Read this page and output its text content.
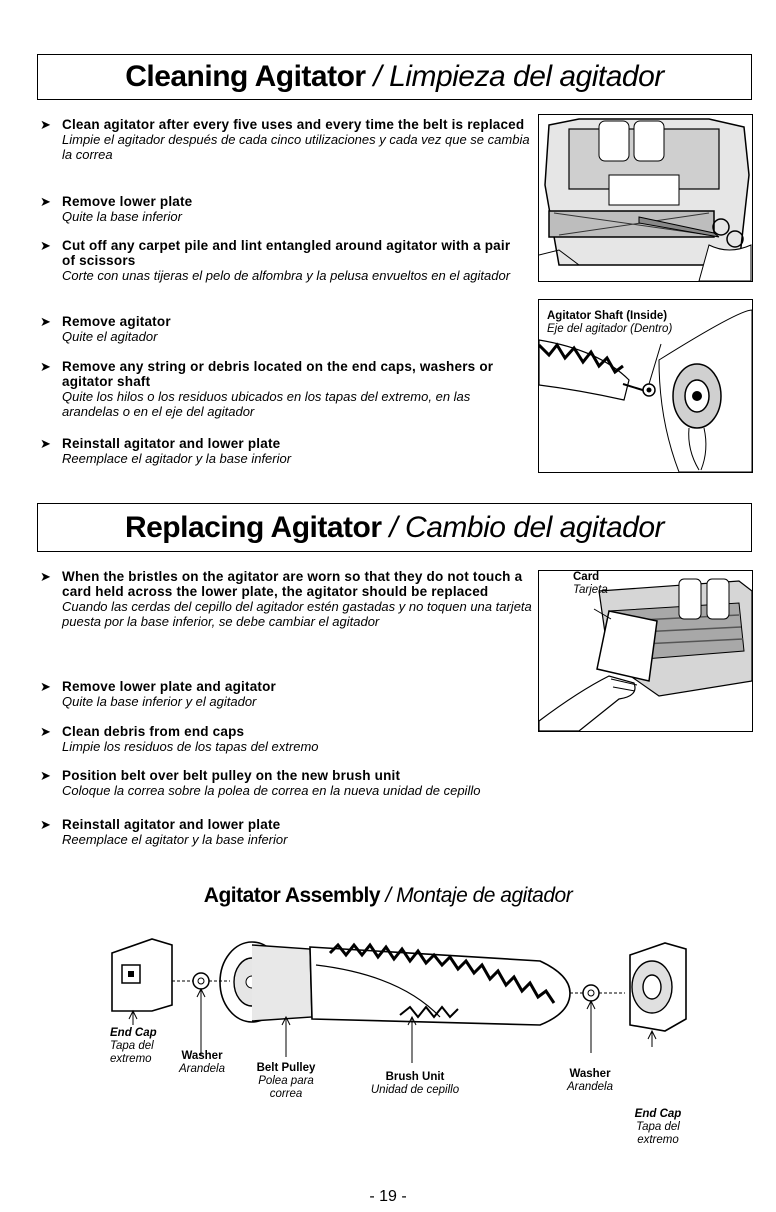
Cleaning Agitator / Limpieza del agitador
➤ Clean agitator after every five uses and every time the belt is replaced
Limpie el agitador después de cada cinco utilizaciones y cada vez que se cambia la correa
➤ Remove lower plate
Quite la base inferior
➤ Cut off any carpet pile and lint entangled around agitator with a pair of scissors
Corte con unas tijeras el pelo de alfombra y la pelusa envueltos en el agitador
➤ Remove agitator
Quite el agitador
➤ Remove any string or debris located on the end caps, washers or agitator shaft
Quite los hilos o los residuos ubicados en los tapas del extremo, en las arandelas o en el eje del agitador
➤ Reinstall agitator and lower plate
Reemplace el agitador y la base inferior
Agitator Shaft (Inside)
Eje del agitador (Dentro)
Replacing Agitator / Cambio del agitador
➤ When the bristles on the agitator are worn so that they do not touch a card held across the lower plate, the agitator should be replaced
Cuando las cerdas del cepillo del agitador estén gastadas y no toquen una tarjeta puesta por la base inferior, se debe cambiar el agitador
➤ Remove lower plate and agitator
Quite la base inferior y el agitador
➤ Clean debris from end caps
Limpie los residuos de los tapas del extremo
➤ Position belt over belt pulley on the new brush unit
Coloque la correa sobre la polea de correa en la nueva unidad de cepillo
➤ Reinstall agitator and lower plate
Reemplace el agitator y la base inferior
Card
Tarjeta
Agitator Assembly / Montaje de agitador
End Cap
Tapa del
extremo	Washer
Arandela	Belt Pulley
Polea para
correa
Brush Unit
Unidad de cepillo
Washer
Arandela
End Cap
Tapa del
extremo
- 19 -
